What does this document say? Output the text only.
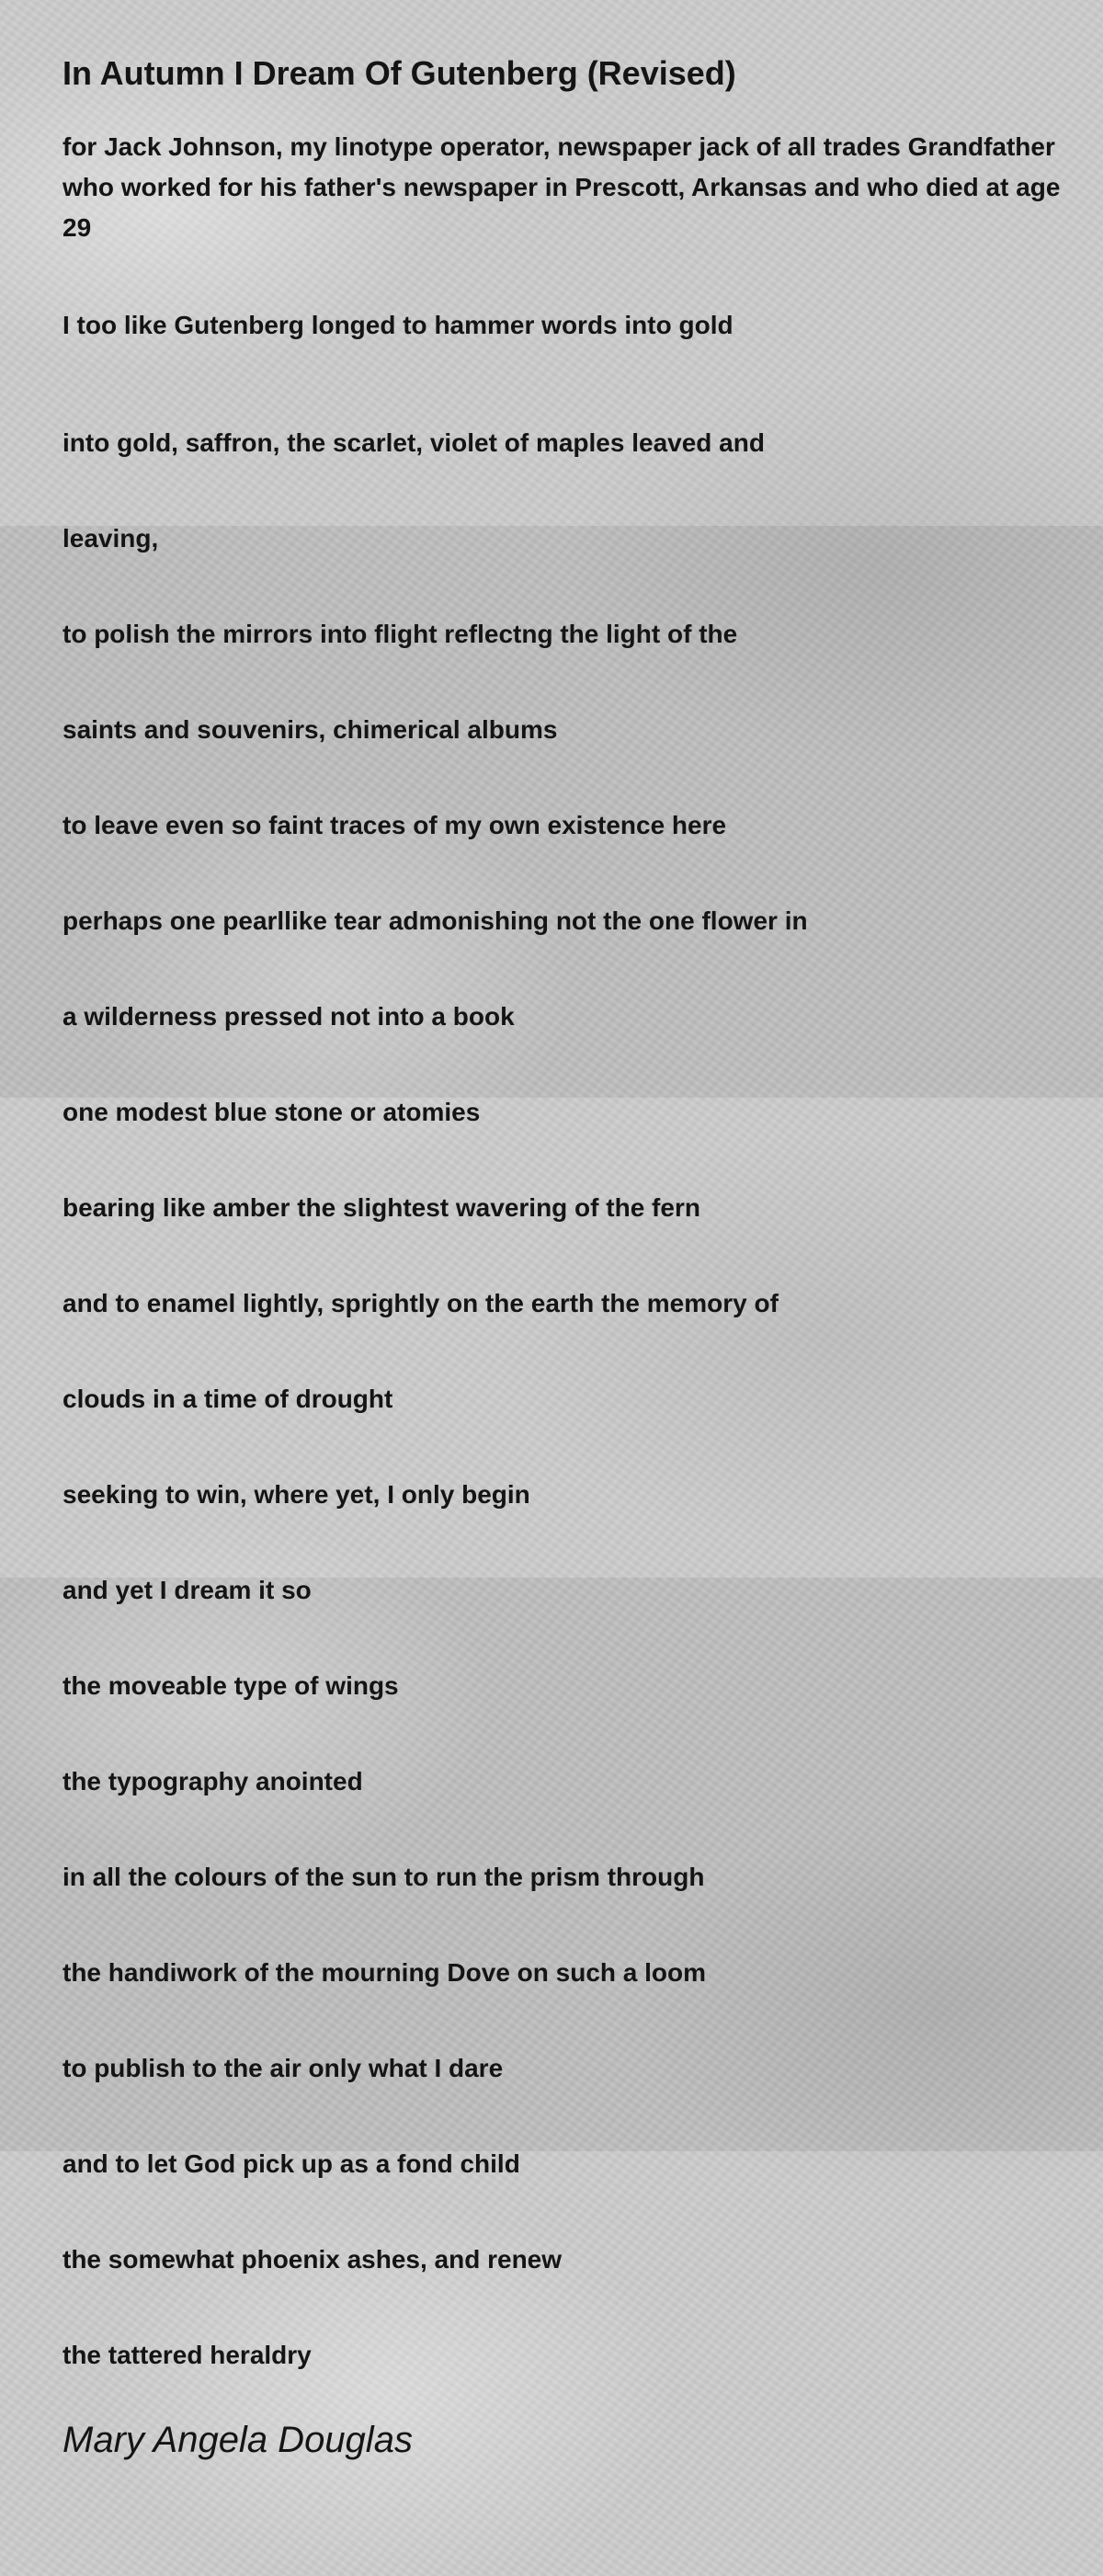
In Autumn I Dream Of Gutenberg (Revised)

for Jack Johnson, my linotype operator, newspaper jack of all trades Grandfather who worked for his father's newspaper in Prescott, Arkansas and who died at age 29

I too like Gutenberg longed to hammer words into gold
into gold, saffron, the scarlet, violet of maples leaved and
leaving,
to polish the mirrors into flight reflectng the light of the
saints and souvenirs, chimerical albums
to leave even so faint traces of my own existence here
perhaps one pearllike tear admonishing not the one flower in
a wilderness pressed not into a book
one modest blue stone or atomies
bearing like amber the slightest wavering of the fern
and to enamel lightly, sprightly on the earth the memory of
clouds in a time of drought
seeking to win, where yet, I only begin
and yet I dream it so
the moveable type of wings
the typography anointed
in all the colours of the sun to run the prism through
the handiwork of the mourning Dove on such a loom
to publish to the air only what I dare
and to let God pick up as a fond child
the somewhat phoenix ashes, and renew
the tattered heraldry
Mary Angela Douglas
